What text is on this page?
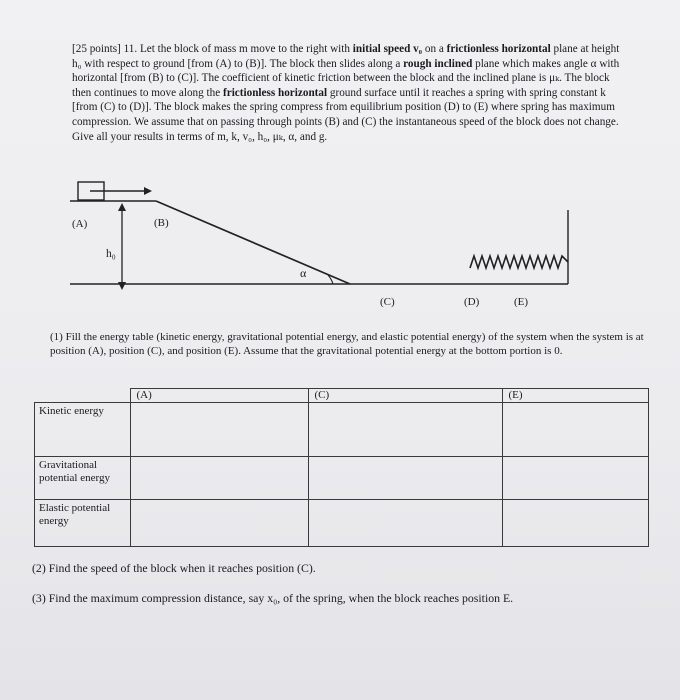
[25 points] 11. Let the block of mass m move to the right with initial speed v₀ on a frictionless horizontal plane at height h₀ with respect to ground [from (A) to (B)]. The block then slides along a rough inclined plane which makes angle α with horizontal [from (B) to (C)]. The coefficient of kinetic friction between the block and the inclined plane is μₖ. The block then continues to move along the frictionless horizontal ground surface until it reaches a spring with spring constant k [from (C) to (D)]. The block makes the spring compress from equilibrium position (D) to (E) where spring has maximum compression. We assume that on passing through points (B) and (C) the instantaneous speed of the block does not change. Give all your results in terms of m, k, v₀, h₀, μₖ, α, and g.
(A)	(B)
h₀
α
(C)	(D)	(E)
(1) Fill the energy table (kinetic energy, gravitational potential energy, and elastic potential energy) of the system when the system is at position (A), position (C), and position (E). Assume that the gravitational potential energy at the bottom portion is 0.
	(A)	(C)	(E)
Kinetic energy			
Gravitational potential energy			
Elastic potential energy			
(2) Find the speed of the block when it reaches position (C).
(3) Find the maximum compression distance, say x₀, of the spring, when the block reaches position E.
